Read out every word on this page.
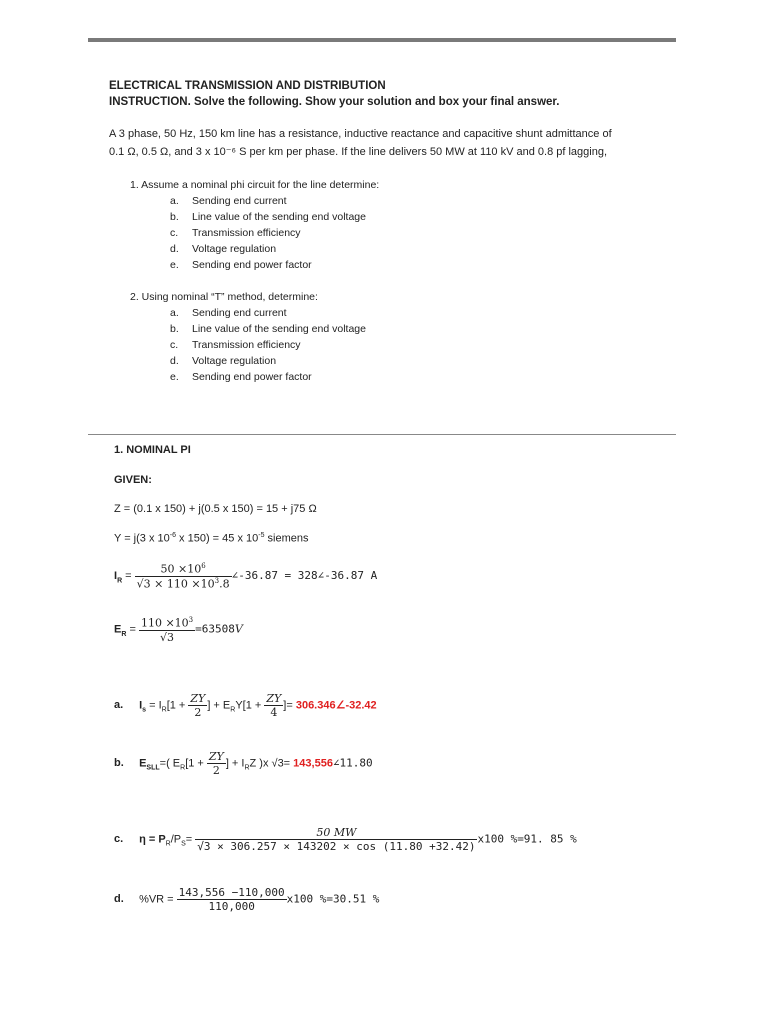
ELECTRICAL TRANSMISSION AND DISTRIBUTION
INSTRUCTION. Solve the following. Show your solution and box your final answer.
A 3 phase, 50 Hz, 150 km line has a resistance, inductive reactance and capacitive shunt admittance of
0.1 Ω, 0.5 Ω, and 3 x 10⁻⁶ S per km per phase. If the line delivers 50 MW at 110 kV and 0.8 pf lagging,
1. Assume a nominal phi circuit for the line determine:
a. Sending end current
b. Line value of the sending end voltage
c. Transmission efficiency
d. Voltage regulation
e. Sending end power factor
2. Using nominal “T” method, determine:
a. Sending end current
b. Line value of the sending end voltage
c. Transmission efficiency
d. Voltage regulation
e. Sending end power factor
1. NOMINAL PI
GIVEN:
Z = (0.1 x 150) + j(0.5 x 150) = 15 + j75 Ω
Y = j(3 x $10^{-6}$ x 150) = 45 x $10^{-5}$ siemens
$I_R = \frac{50 \times 10^6}{√3 \times 110 \times 10^3.8}$ ∠-36.87 = 328∠-36.87 A
$E_R = \frac{110 \times 10^3}{√3} =63508V$
a. $I_s = I_R[1 + \frac{ZY}{2}$ ] + $E_RY[1 + \frac{ZY}{4}$ ]= 306.346∠-32.42
b. $E_{SLL}=$( $E_R[1 + \frac{ZY}{2}$ ] + $I_RZ$ )x √3= 143,556∠11.80
c. $\eta = P_R/P_S= \frac{50 MW}{√3 \times 306.257 \times 143202 \times \cos (11.80 +32.42)} x100$ %=91. 85 %
d. $\%VR = \frac{143,556 -110,000}{110,000} x100$ %=30.51 %
